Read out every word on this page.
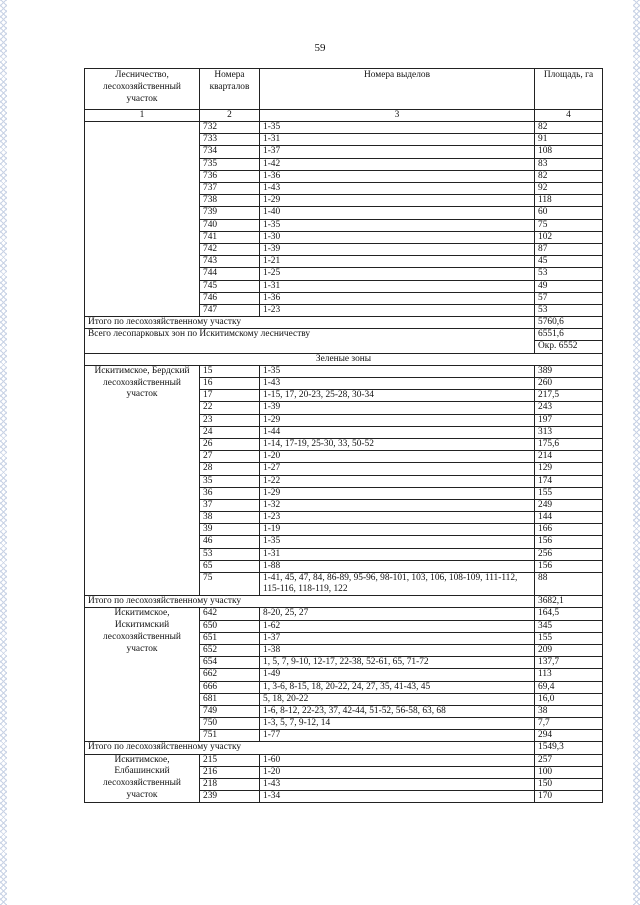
59
Лесничество, лесохозяйственный участок	Номера кварталов	Номера выделов	Площадь, га
1	2	3	4
	732	1-35	82
	733	1-31	91
	734	1-37	108
	735	1-42	83
	736	1-36	82
	737	1-43	92
	738	1-29	118
	739	1-40	60
	740	1-35	75
	741	1-30	102
	742	1-39	87
	743	1-21	45
	744	1-25	53
	745	1-31	49
	746	1-36	57
	747	1-23	53
Итого по лесохозяйственному участку			5760,6
Всего лесопарковых зон по Искитимскому лесничеству			6551,6
			Окр. 6552
Зеленые зоны			
Искитимское, Бердский лесохозяйственный участок	15	1-35	389
	16	1-43	260
	17	1-15, 17, 20-23, 25-28, 30-34	217,5
	22	1-39	243
	23	1-29	197
	24	1-44	313
	26	1-14, 17-19, 25-30, 33, 50-52	175,6
	27	1-20	214
	28	1-27	129
	35	1-22	174
	36	1-29	155
	37	1-32	249
	38	1-23	144
	39	1-19	166
	46	1-35	156
	53	1-31	256
	65	1-88	156
	75	1-41, 45, 47, 84, 86-89, 95-96, 98-101, 103, 106, 108-109, 111-112, 115-116, 118-119, 122	88
Итого по лесохозяйственному участку			3682,1
Искитимское, Искитимский лесохозяйственный участок	642	8-20, 25, 27	164,5
	650	1-62	345
	651	1-37	155
	652	1-38	209
	654	1, 5, 7, 9-10, 12-17, 22-38, 52-61, 65, 71-72	137,7
	662	1-49	113
	666	1, 3-6, 8-15, 18, 20-22, 24, 27, 35, 41-43, 45	69,4
	681	5, 18, 20-22	16,0
	749	1-6, 8-12, 22-23, 37, 42-44, 51-52, 56-58, 63, 68	38
	750	1-3, 5, 7, 9-12, 14	7,7
	751	1-77	294
Итого по лесохозяйственному участку			1549,3
Искитимское, Елбашинский лесохозяйственный участок	215	1-60	257
	216	1-20	100
	218	1-43	150
	239	1-34	170
